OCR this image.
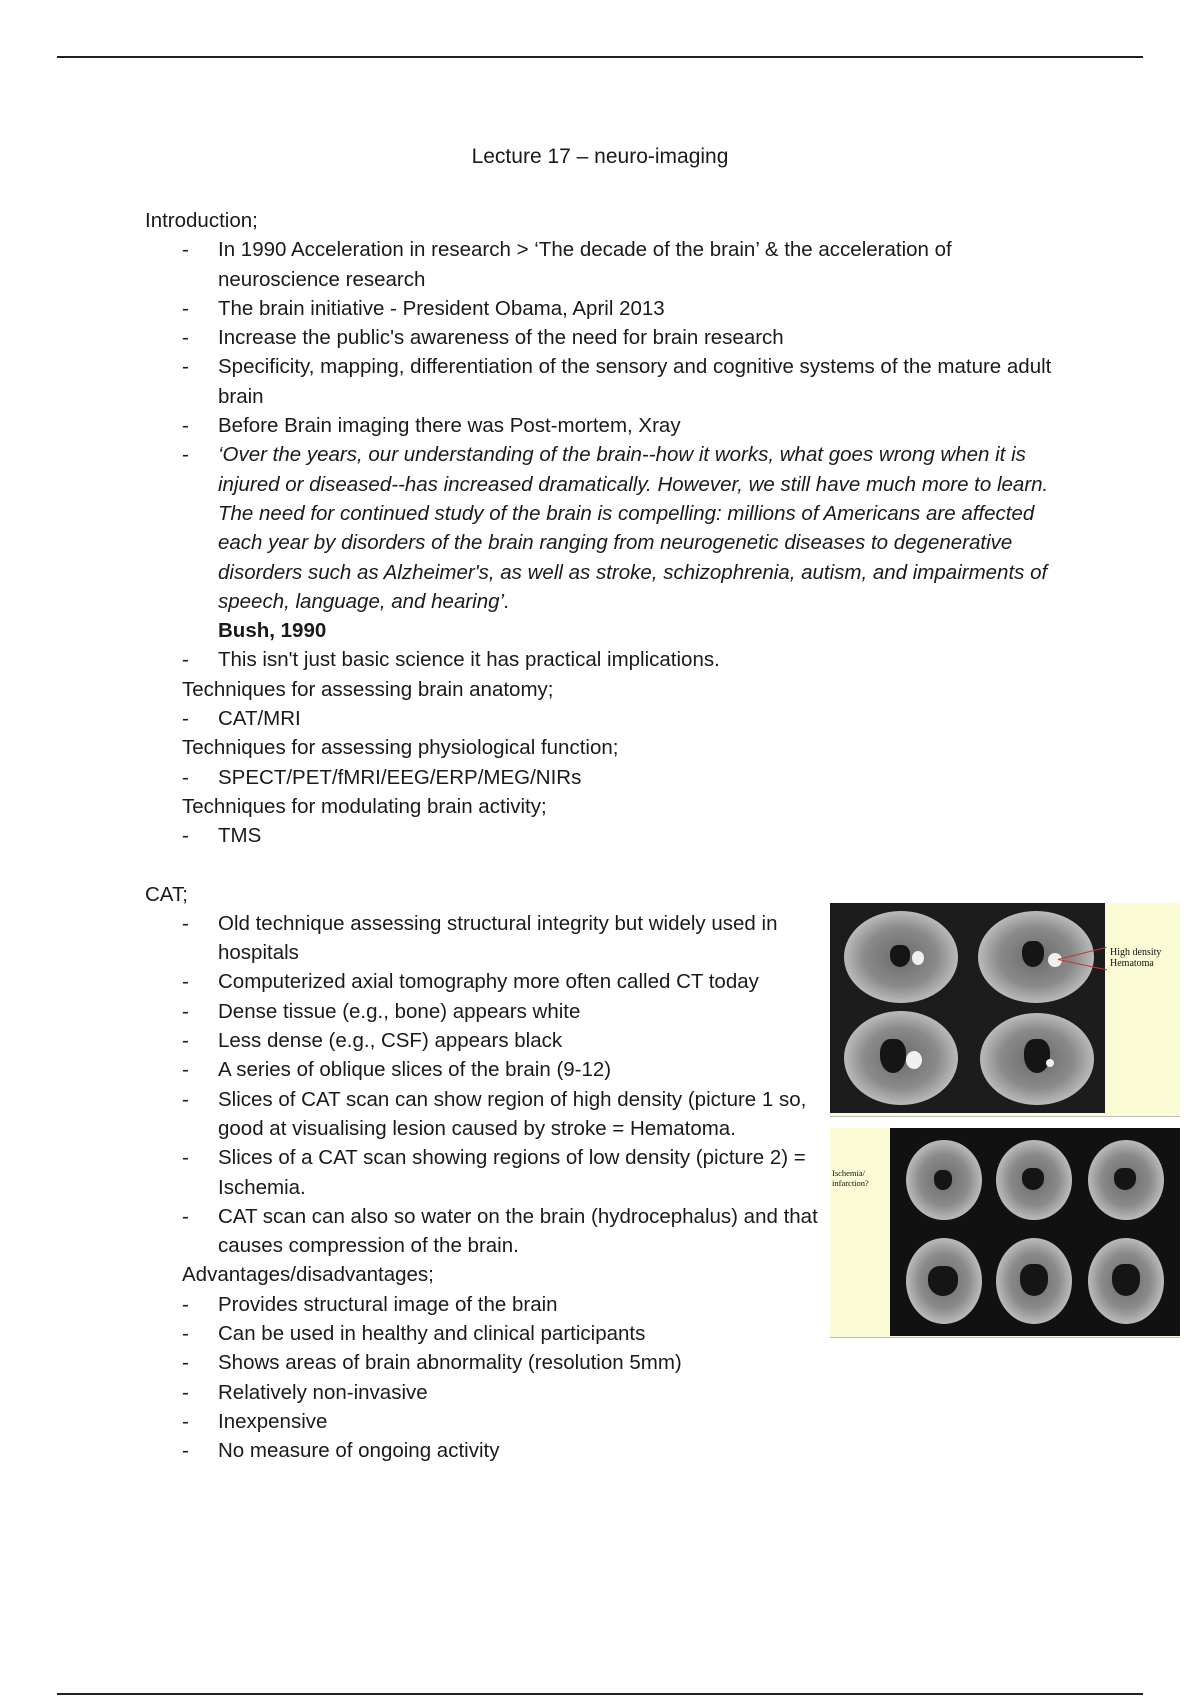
Lecture 17 – neuro-imaging
Introduction;
- In 1990 Acceleration in research > ‘The decade of the brain’ & the acceleration of neuroscience research
- The brain initiative - President Obama, April 2013
- Increase the public's awareness of the need for brain research
- Specificity, mapping, differentiation of the sensory and cognitive systems of the mature adult brain
- Before Brain imaging there was Post-mortem, Xray
- ‘Over the years, our understanding of the brain--how it works, what goes wrong when it is injured or diseased--has increased dramatically. However, we still have much more to learn. The need for continued study of the brain is compelling: millions of Americans are affected each year by disorders of the brain ranging from neurogenetic diseases to degenerative disorders such as Alzheimer's, as well as stroke, schizophrenia, autism, and impairments of speech, language, and hearing’.
Bush, 1990
- This isn't just basic science it has practical implications.
Techniques for assessing brain anatomy;
- CAT/MRI
Techniques for assessing physiological function;
- SPECT/PET/fMRI/EEG/ERP/MEG/NIRs
Techniques for modulating brain activity;
- TMS
CAT;
- Old technique assessing structural integrity but widely used in hospitals
- Computerized axial tomography more often called CT today
- Dense tissue (e.g., bone) appears white
- Less dense (e.g., CSF) appears black
- A series of oblique slices of the brain (9-12)
- Slices of CAT scan can show region of high density (picture 1 so, good at visualising lesion caused by stroke = Hematoma.
- Slices of a CAT scan showing regions of low density (picture 2) = Ischemia.
- CAT scan can also so water on the brain (hydrocephalus) and that causes compression of the brain.
Advantages/disadvantages;
- Provides structural image of the brain
- Can be used in healthy and clinical participants
- Shows areas of brain abnormality (resolution 5mm)
- Relatively non-invasive
- Inexpensive
- No measure of ongoing activity
High density
Hematoma
Ischemia/
infarction?
